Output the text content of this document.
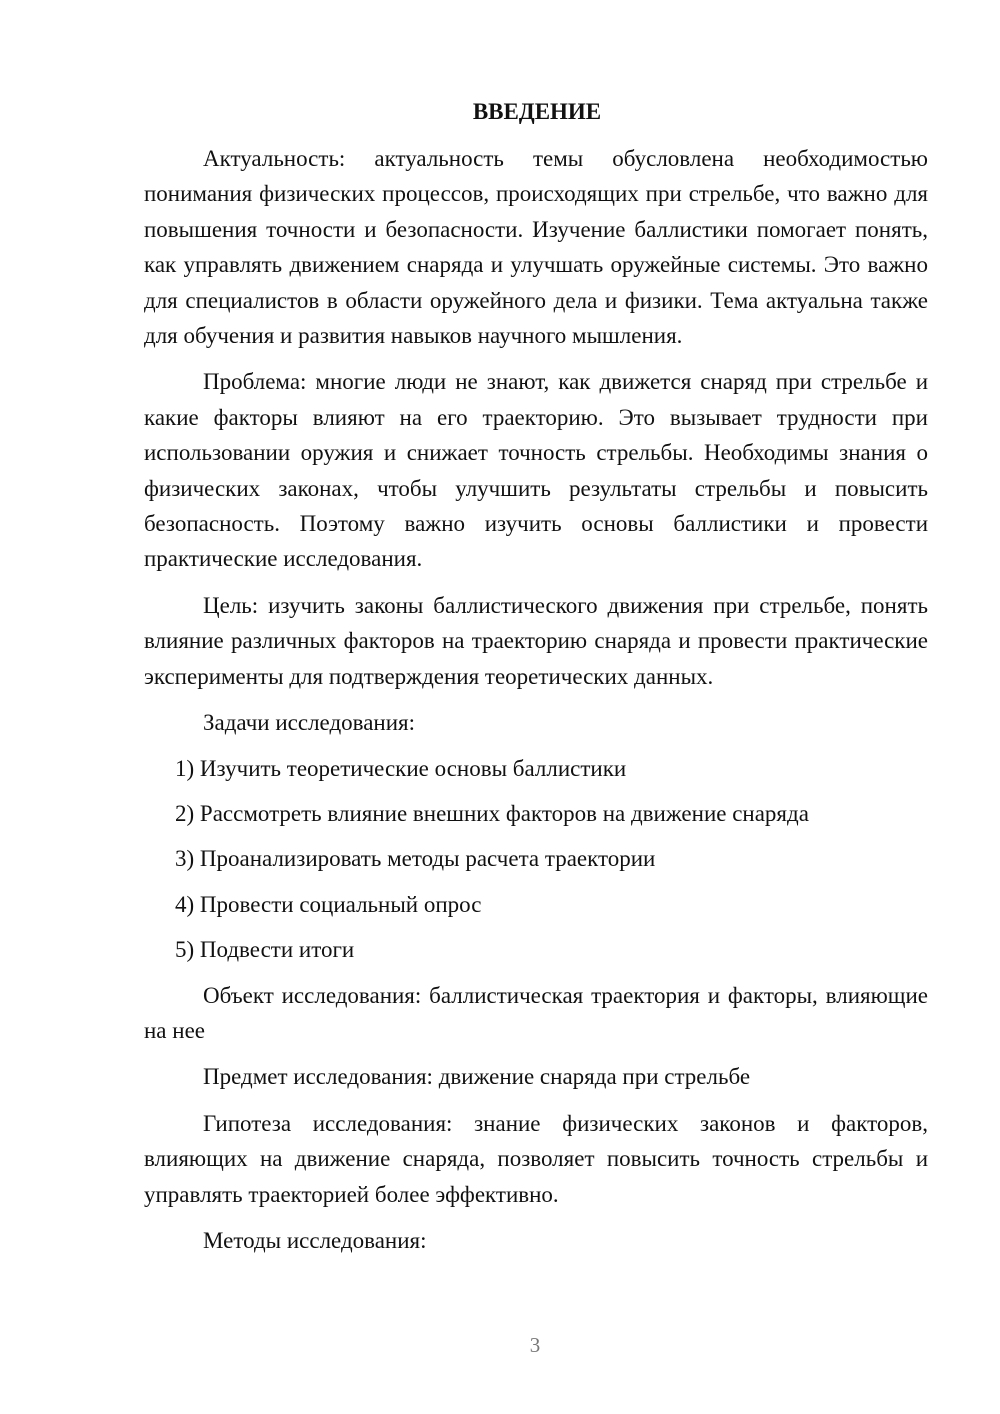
ВВЕДЕНИЕ

Актуальность: актуальность темы обусловлена необходимостью понимания физических процессов, происходящих при стрельбе, что важно для повышения точности и безопасности. Изучение баллистики помогает понять, как управлять движением снаряда и улучшать оружейные системы. Это важно для специалистов в области оружейного дела и физики. Тема актуальна также для обучения и развития навыков научного мышления.

Проблема: многие люди не знают, как движется снаряд при стрельбе и какие факторы влияют на его траекторию. Это вызывает трудности при использовании оружия и снижает точность стрельбы. Необходимы знания о физических законах, чтобы улучшить результаты стрельбы и повысить безопасность. Поэтому важно изучить основы баллистики и провести практические исследования.

Цель: изучить законы баллистического движения при стрельбе, понять влияние различных факторов на траекторию снаряда и провести практические эксперименты для подтверждения теоретических данных.

Задачи исследования:

1) Изучить теоретические основы баллистики

2) Рассмотреть влияние внешних факторов на движение снаряда

3) Проанализировать методы расчета траектории

4) Провести социальный опрос

5) Подвести итоги

Объект исследования: баллистическая траектория и факторы, влияющие на нее

Предмет исследования: движение снаряда при стрельбе

Гипотеза исследования: знание физических законов и факторов, влияющих на движение снаряда, позволяет повысить точность стрельбы и управлять траекторией более эффективно.

Методы исследования:

3
